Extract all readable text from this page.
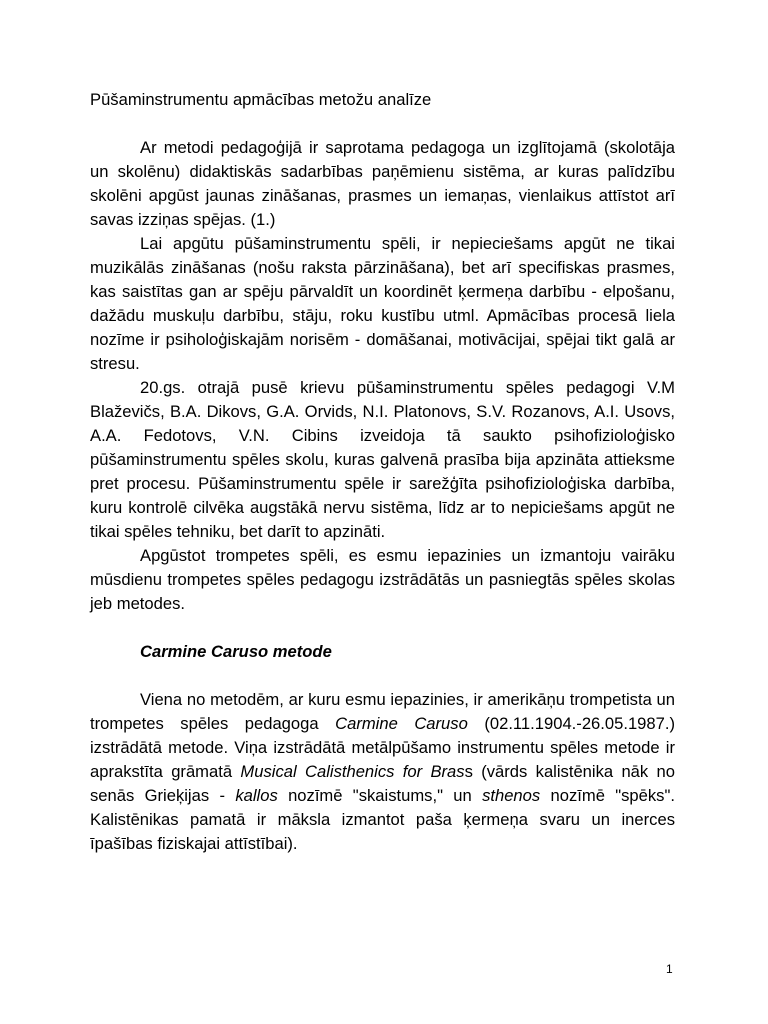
Pūšaminstrumentu apmācības metožu analīze

Ar metodi pedagoģijā ir saprotama pedagoga un izglītojamā (skolotāja un skolēnu) didaktiskās sadarbības paņēmienu sistēma, ar kuras palīdzību skolēni apgūst jaunas zināšanas, prasmes un iemaņas, vienlaikus attīstot arī savas izziņas spējas. (1.)

Lai apgūtu pūšaminstrumentu spēli, ir nepieciešams apgūt ne tikai muzikālās zināšanas (nošu raksta pārzināšana), bet arī specifiskas prasmes, kas saistītas gan ar spēju pārvaldīt un koordinēt ķermeņa darbību - elpošanu, dažādu muskuļu darbību, stāju, roku kustību utml. Apmācības procesā liela nozīme ir psiholoģiskajām norisēm - domāšanai, motivācijai, spējai tikt galā ar stresu.

20.gs. otrajā pusē krievu pūšaminstrumentu spēles pedagogi V.M Blaževičs, B.A. Dikovs, G.A. Orvids, N.I. Platonovs, S.V. Rozanovs, A.I. Usovs, A.A. Fedotovs, V.N. Cibins izveidoja tā saukto psihofizioloģisko pūšaminstrumentu spēles skolu, kuras galvenā prasība bija apzināta attieksme pret procesu. Pūšaminstrumentu spēle ir sarežģīta psihofizioloģiska darbība, kuru kontrolē cilvēka augstākā nervu sistēma, līdz ar to nepiciešams apgūt ne tikai spēles tehniku, bet darīt to apzināti.

Apgūstot trompetes spēli, es esmu iepazinies un izmantoju vairāku mūsdienu trompetes spēles pedagogu izstrādātās un pasniegtās spēles skolas jeb metodes.

Carmine Caruso metode

Viena no metodēm, ar kuru esmu iepazinies, ir amerikāņu trompetista un trompetes spēles pedagoga Carmine Caruso (02.11.1904.-26.05.1987.) izstrādātā metode. Viņa izstrādātā metālpūšamo instrumentu spēles metode ir aprakstīta grāmatā Musical Calisthenics for Brass (vārds kalistēnika nāk no senās Grieķijas - kallos nozīmē "skaistums," un sthenos nozīmē "spēks". Kalistēnikas pamatā ir māksla izmantot paša ķermeņa svaru un inerces īpašības fiziskajai attīstībai).

1
